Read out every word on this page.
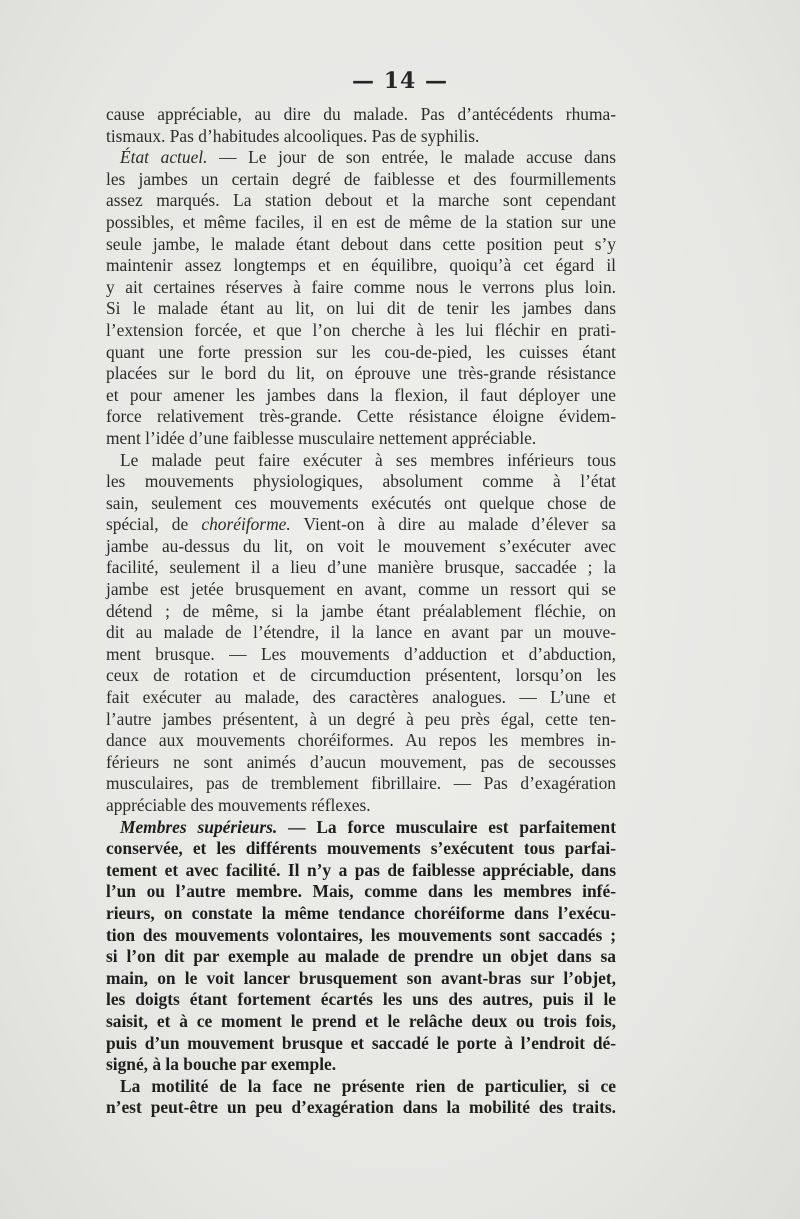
— 14 —
cause appréciable, au dire du malade. Pas d’antécédents rhuma-
tismaux. Pas d’habitudes alcooliques. Pas de syphilis.
État actuel. — Le jour de son entrée, le malade accuse dans
les jambes un certain degré de faiblesse et des fourmillements
assez marqués. La station debout et la marche sont cependant
possibles, et même faciles, il en est de même de la station sur une
seule jambe, le malade étant debout dans cette position peut s’y
maintenir assez longtemps et en équilibre, quoiqu’à cet égard il
y ait certaines réserves à faire comme nous le verrons plus loin.
Si le malade étant au lit, on lui dit de tenir les jambes dans
l’extension forcée, et que l’on cherche à les lui fléchir en prati-
quant une forte pression sur les cou-de-pied, les cuisses étant
placées sur le bord du lit, on éprouve une très-grande résistance
et pour amener les jambes dans la flexion, il faut déployer une
force relativement très-grande. Cette résistance éloigne évidem-
ment l’idée d’une faiblesse musculaire nettement appréciable.
Le malade peut faire exécuter à ses membres inférieurs tous
les mouvements physiologiques, absolument comme à l’état
sain, seulement ces mouvements exécutés ont quelque chose de
spécial, de choréiforme. Vient-on à dire au malade d’élever sa
jambe au-dessus du lit, on voit le mouvement s’exécuter avec
facilité, seulement il a lieu d’une manière brusque, saccadée ; la
jambe est jetée brusquement en avant, comme un ressort qui se
détend ; de même, si la jambe étant préalablement fléchie, on
dit au malade de l’étendre, il la lance en avant par un mouve-
ment brusque. — Les mouvements d’adduction et d’abduction,
ceux de rotation et de circumduction présentent, lorsqu’on les
fait exécuter au malade, des caractères analogues. — L’une et
l’autre jambes présentent, à un degré à peu près égal, cette ten-
dance aux mouvements choréiformes. Au repos les membres in-
férieurs ne sont animés d’aucun mouvement, pas de secousses
musculaires, pas de tremblement fibrillaire. — Pas d’exagération
appréciable des mouvements réflexes.
Membres supérieurs. — La force musculaire est parfaitement
conservée, et les différents mouvements s’exécutent tous parfai-
tement et avec facilité. Il n’y a pas de faiblesse appréciable, dans
l’un ou l’autre membre. Mais, comme dans les membres infé-
rieurs, on constate la même tendance choréiforme dans l’exécu-
tion des mouvements volontaires, les mouvements sont saccadés ;
si l’on dit par exemple au malade de prendre un objet dans sa
main, on le voit lancer brusquement son avant-bras sur l’objet,
les doigts étant fortement écartés les uns des autres, puis il le
saisit, et à ce moment le prend et le relâche deux ou trois fois,
puis d’un mouvement brusque et saccadé le porte à l’endroit dé-
signé, à la bouche par exemple.
La motilité de la face ne présente rien de particulier, si ce
n’est peut-être un peu d’exagération dans la mobilité des traits.
